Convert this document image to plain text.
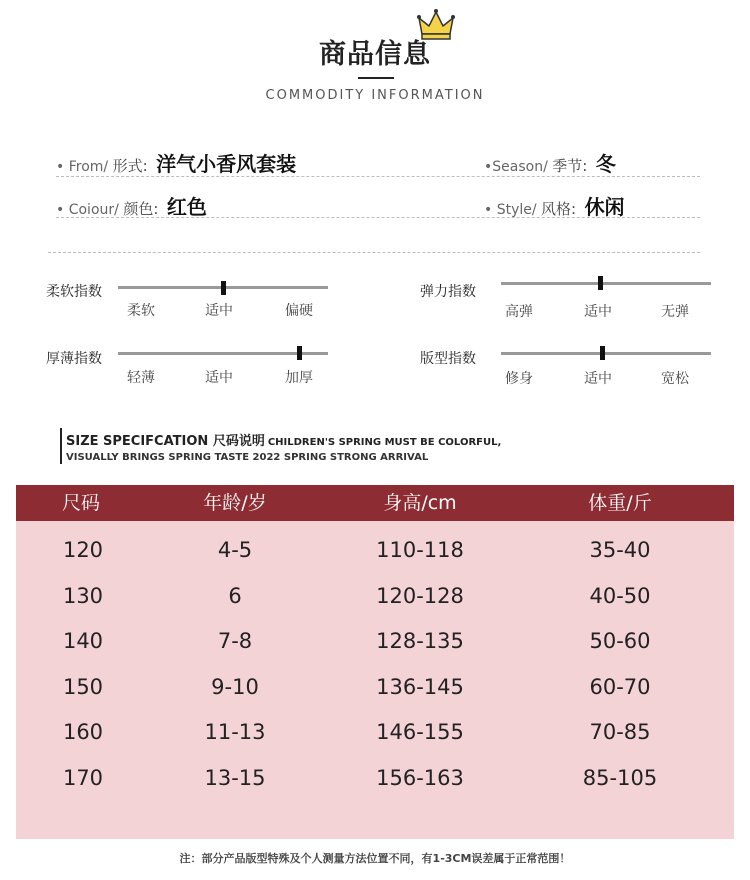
商品信息
COMMODITY INFORMATION
• From/ 形式: 洋气小香风套装	•Season/ 季节: 冬
• Coiour/ 颜色: 红色	• Style/ 风格: 休闲
柔软指数
柔软	适中	偏硬
弹力指数
高弹	适中	无弹
厚薄指数
轻薄	适中	加厚
版型指数
修身	适中	宽松
SIZE SPECIFCATION 尺码说明 CHILDREN'S SPRING MUST BE COLORFUL,
VISUALLY BRINGS SPRING TASTE 2022 SPRING STRONG ARRIVAL
尺码	年龄/岁	身高/cm	体重/斤
120	4-5	110-118	35-40
130	6	120-128	40-50
140	7-8	128-135	50-60
150	9-10	136-145	60-70
160	11-13	146-155	70-85
170	13-15	156-163	85-105
注：部分产品版型特殊及个人测量方法位置不同，有1-3CM误差属于正常范围！
